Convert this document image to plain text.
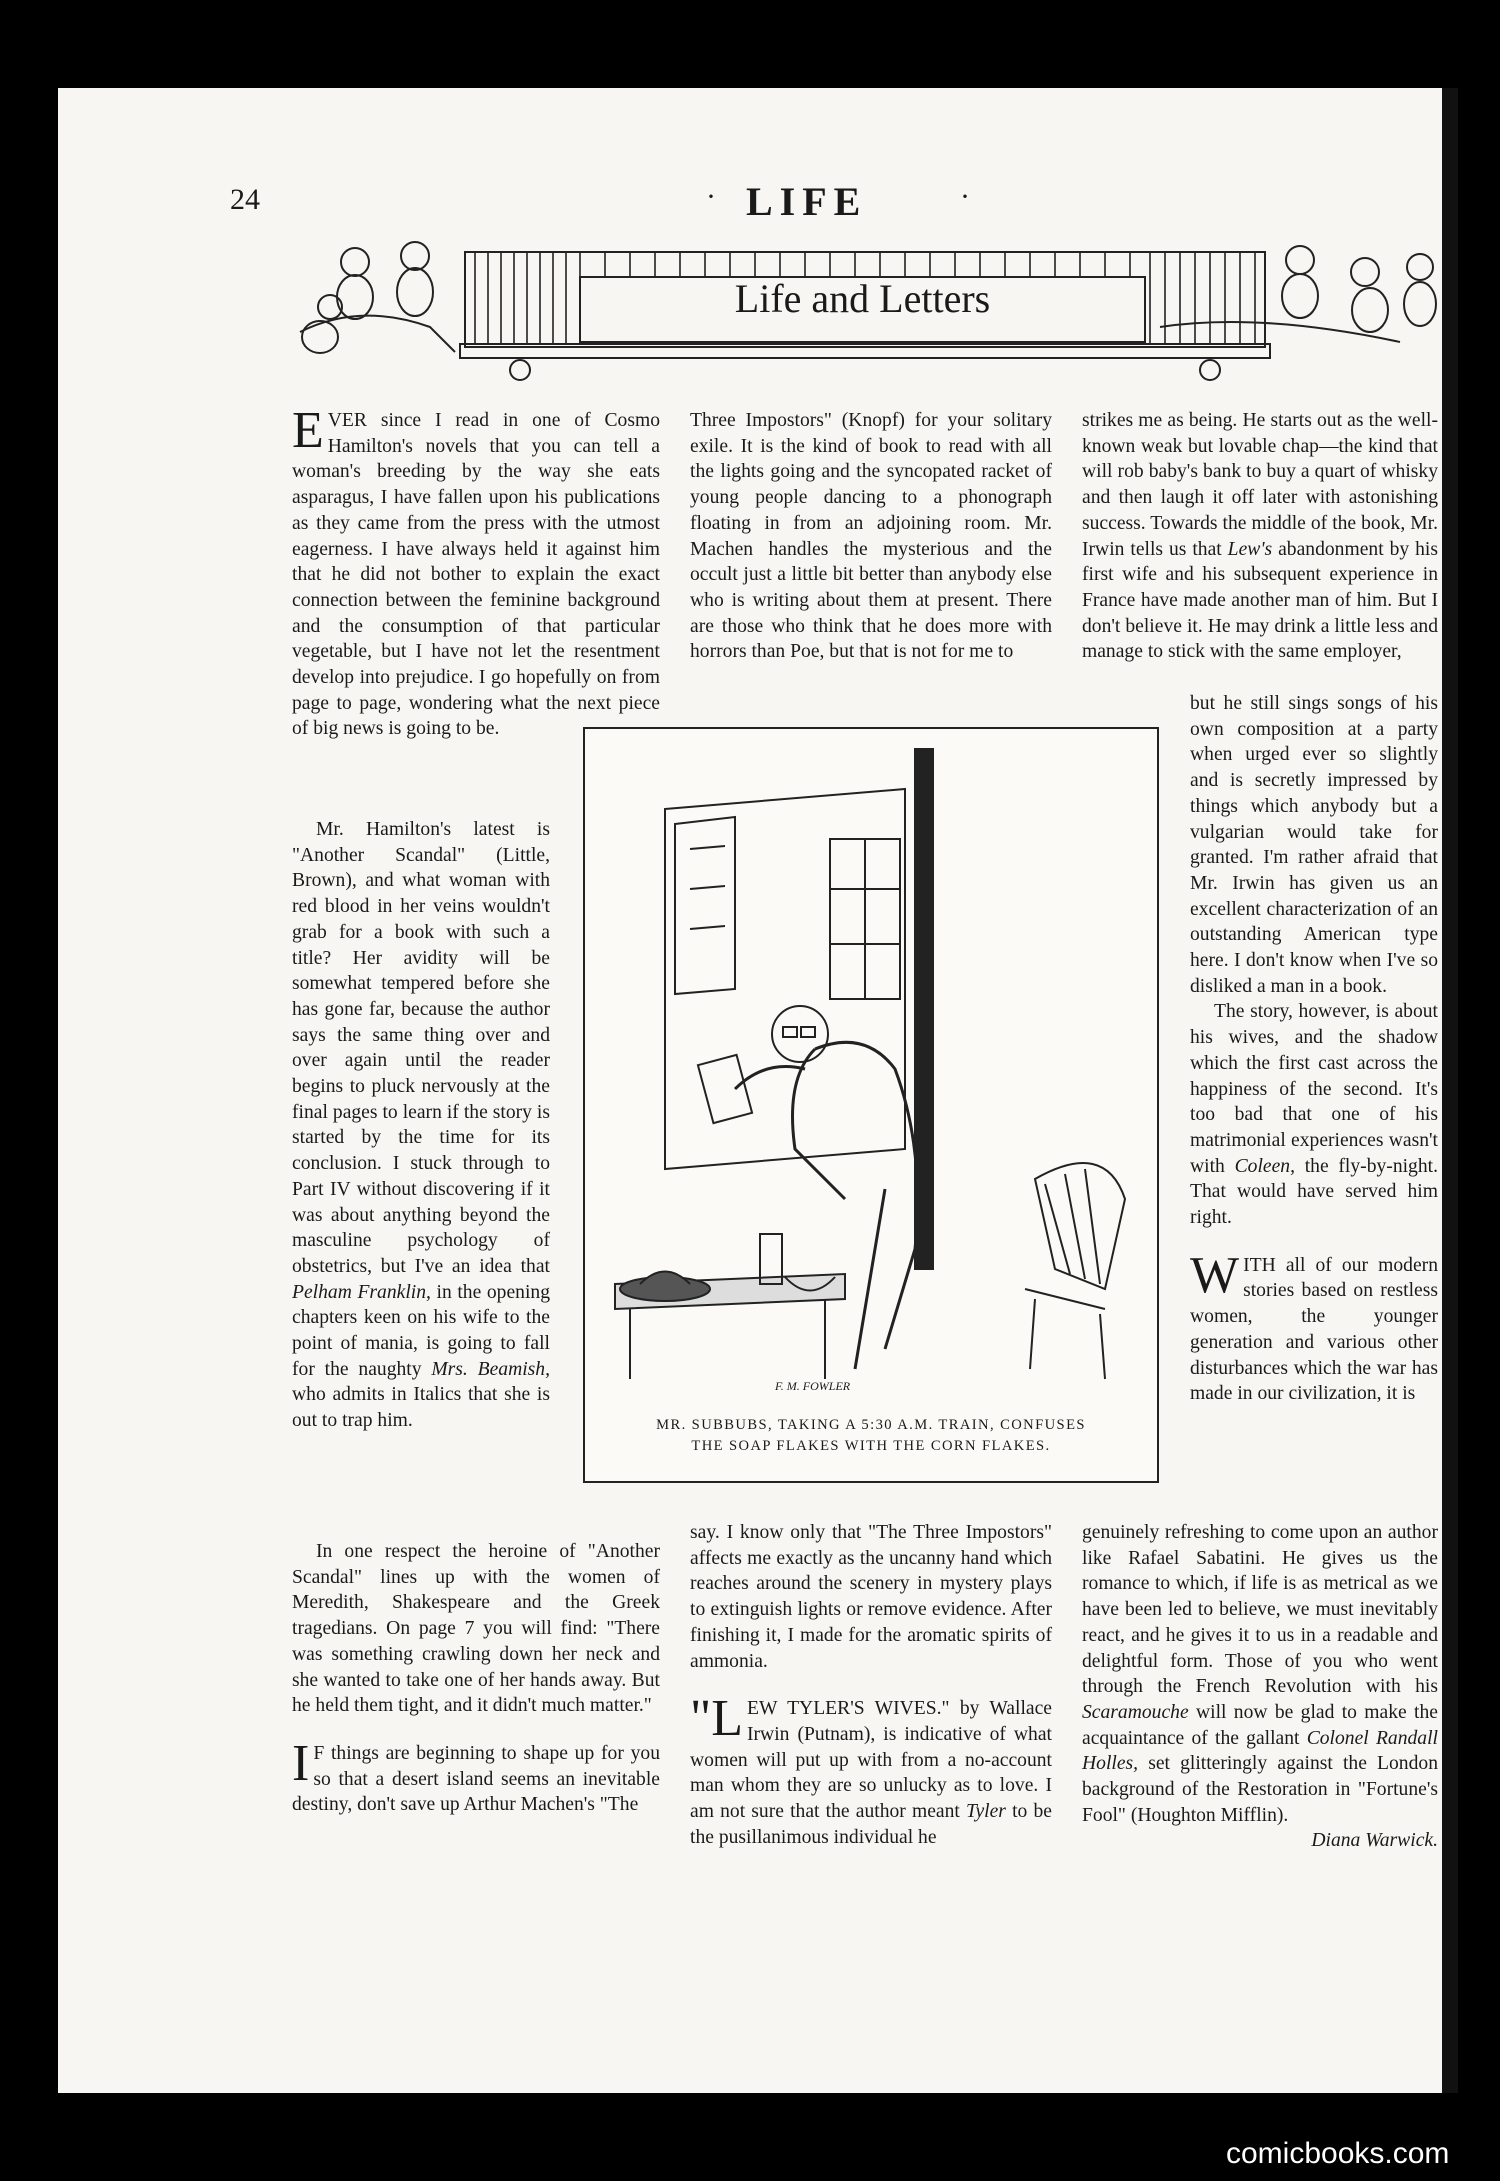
24	· LIFE	·
Life and Letters

EVER since I read in one of Cosmo Hamilton's novels that you can tell a woman's breeding by the way she eats asparagus, I have fallen upon his publications as they came from the press with the utmost eagerness. I have always held it against him that he did not bother to explain the exact connection between the feminine background and the consumption of that particular vegetable, but I have not let the resentment develop into prejudice. I go hopefully on from page to page, wondering what the next piece of big news is going to be.

Mr. Hamilton's latest is "Another Scandal" (Little, Brown), and what woman with red blood in her veins wouldn't grab for a book with such a title? Her avidity will be somewhat tempered before she has gone far, because the author says the same thing over and over again until the reader begins to pluck nervously at the final pages to learn if the story is started by the time for its conclusion. I stuck through to Part IV without discovering if it was about anything beyond the masculine psychology of obstetrics, but I've an idea that Pelham Franklin, in the opening chapters keen on his wife to the point of mania, is going to fall for the naughty Mrs. Beamish, who admits in Italics that she is out to trap him.

In one respect the heroine of "Another Scandal" lines up with the women of Meredith, Shakespeare and the Greek tragedians. On page 7 you will find: "There was something crawling down her neck and she wanted to take one of her hands away. But he held them tight, and it didn't much matter."

I F things are beginning to shape up for you so that a desert island seems an inevitable destiny, don't save up Arthur Machen's "The

Three Impostors" (Knopf) for your solitary exile. It is the kind of book to read with all the lights going and the syncopated racket of young people dancing to a phonograph floating in from an adjoining room. Mr. Machen handles the mysterious and the occult just a little bit better than anybody else who is writing about them at present. There are those who think that he does more with horrors than Poe, but that is not for me to

say. I know only that "The Three Impostors" affects me exactly as the uncanny hand which reaches around the scenery in mystery plays to extinguish lights or remove evidence. After finishing it, I made for the aromatic spirits of ammonia.

"LEW TYLER'S WIVES." by Wallace Irwin (Putnam), is indicative of what women will put up with from a no-account man whom they are so unlucky as to love. I am not sure that the author meant Tyler to be the pusillanimous individual he

strikes me as being. He starts out as the well-known weak but lovable chap—the kind that will rob baby's bank to buy a quart of whisky and then laugh it off later with astonishing success. Towards the middle of the book, Mr. Irwin tells us that Lew's abandonment by his first wife and his subsequent experience in France have made another man of him. But I don't believe it. He may drink a little less and manage to stick with the same employer,

but he still sings songs of his own composition at a party when urged ever so slightly and is secretly impressed by things which anybody but a vulgarian would take for granted. I'm rather afraid that Mr. Irwin has given us an excellent characterization of an outstanding American type here. I don't know when I've so disliked a man in a book.

The story, however, is about his wives, and the shadow which the first cast across the happiness of the second. It's too bad that one of his matrimonial experiences wasn't with Coleen, the fly-by-night. That would have served him right.

WITH all of our modern stories based on restless women, the younger generation and various other disturbances which the war has made in our civilization, it is

genuinely refreshing to come upon an author like Rafael Sabatini. He gives us the romance to which, if life is as metrical as we have been led to believe, we must inevitably react, and he gives it to us in a readable and delightful form. Those of you who went through the French Revolution with his Scaramouche will now be glad to make the acquaintance of the gallant Colonel Randall Holles, set glitteringly against the London background of the Restoration in "Fortune's Fool" (Houghton Mifflin).

Diana Warwick.

F. M. FOWLER
MR. SUBBUBS, TAKING A 5:30 A.M. TRAIN, CONFUSES
THE SOAP FLAKES WITH THE CORN FLAKES.
comicbooks.com
